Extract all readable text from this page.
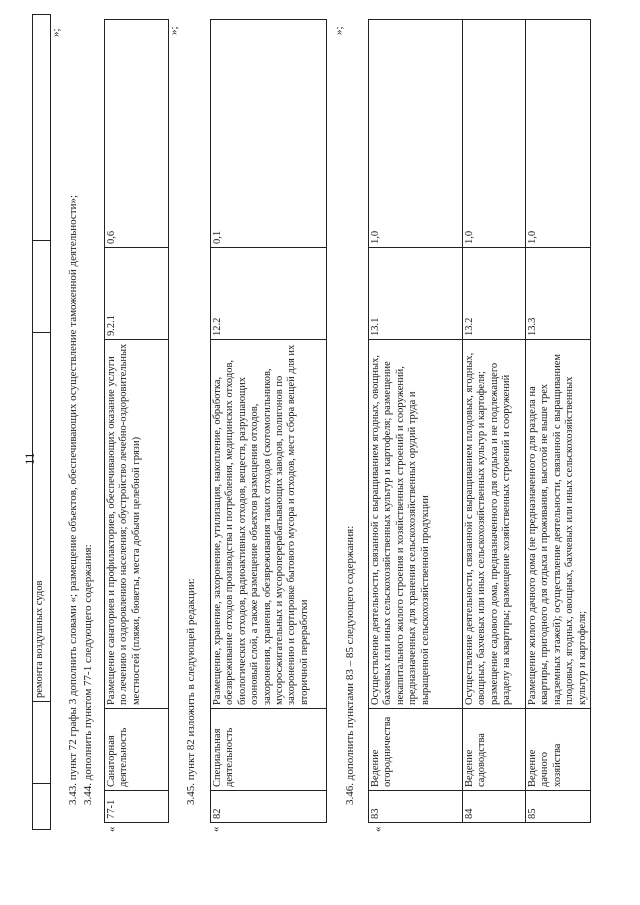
11
		ремонта воздушных судов		
»;
3.43. пункт 72 графы 3 дополнить словами «; размещение объектов, обеспечивающих осуществление таможенной деятельности»; 3.44. дополнить пунктом 77-1 следующего содержания:
«
77-1	Санаторная деятельность	Размещение санаториев и профилакториев, обеспечивающих оказание услуги по лечению и оздоровлению населения; обустройство лечебно-оздоровительных местностей (пляжи, бюветы, места добычи целебной грязи)	9.2.1	0,6
»;
3.45. пункт 82 изложить в следующей редакции:
«
82	Специальная деятельность	Размещение, хранение, захоронение, утилизация, накопление, обработка, обезвреживание отходов производства и потребления, медицинских отходов, биологических отходов, радиоактивных отходов, веществ, разрушающих озоновый слой, а также размещение объектов размещения отходов, захоронения, хранения, обезвреживания таких отходов (скотомогильников, мусоросжигательных и мусороперерабатывающих заводов, полигонов по захоронению и сортировке бытового мусора и отходов, мест сбора вещей для их вторичной переработки	12.2	0,1
»;
3.46. дополнить пунктами 83 – 85 следующего содержания:
«
83	Ведение огородничества	Осуществление деятельности, связанной с выращиванием ягодных, овощных, бахчевых или иных сельскохозяйственных культур и картофеля; размещение некапитального жилого строения и хозяйственных строений и сооружений, предназначенных для хранения сельскохозяйственных орудий труда и выращенной сельскохозяйственной продукции	13.1	1,0
84	Ведение садоводства	Осуществление деятельности, связанной с выращиванием плодовых, ягодных, овощных, бахчевых или иных сельскохозяйственных культур и картофеля; размещение садового дома, предназначенного для отдыха и не подлежащего разделу на квартиры; размещение хозяйственных строений и сооружений	13.2	1,0
85	Ведение дачного хозяйства	Размещение жилого дачного дома (не предназначенного для раздела на квартиры, пригодного для отдыха и проживания, высотой не выше трех надземных этажей); осуществление деятельности, связанной с выращиванием плодовых, ягодных, овощных, бахчевых или иных сельскохозяйственных культур и картофеля;	13.3	1,0
